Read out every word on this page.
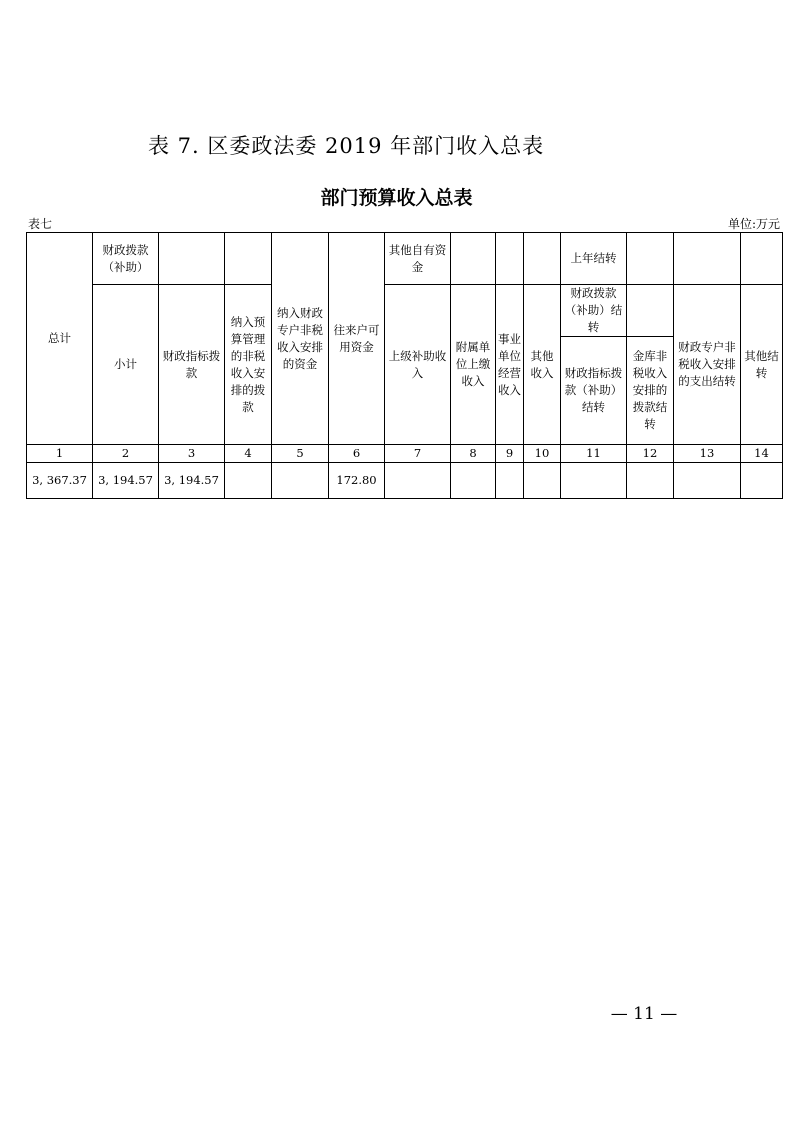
表 7. 区委政法委 2019 年部门收入总表
部门预算收入总表
表七	单位:万元
总计	财政拨款（补助）			纳入财政专户非税收入安排的资金	往来户可用资金	其他自有资金				上年结转			
	小计	财政指标拨款	纳入预算管理的非税收入安排的拨款			上级补助收入	附属单位上缴收入	事业单位经营收入	其他收入	财政拨款（补助）结转		财政专户非税收入安排的支出结转	其他结转
										财政指标拨款（补助）结转	金库非税收入安排的拨款结转		
1	2	3	4	5	6	7	8	9	10	11	12	13	14
3, 367.37	3, 194.57	3, 194.57			172.80								
— 11 —
